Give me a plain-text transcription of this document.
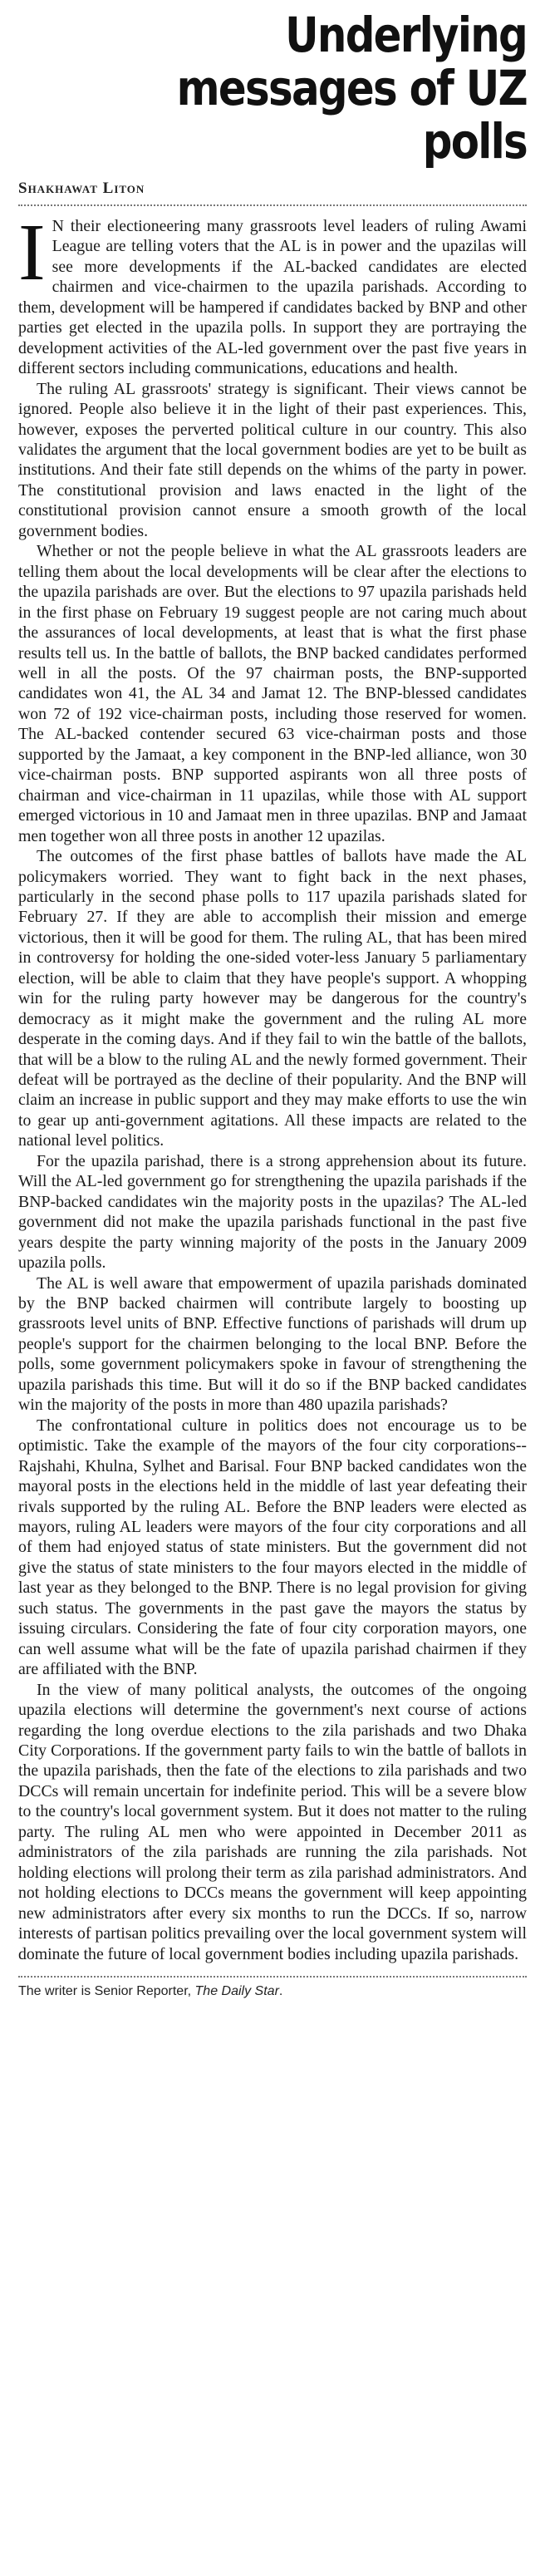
Underlying messages of UZ polls
Shakhawat Liton

I N their electioneering many grassroots level leaders of ruling Awami League are telling voters that the AL is in power and the upazilas will see more developments if the AL-backed candidates are elected chairmen and vice-chairmen to the upazila parishads. According to them, development will be hampered if candidates backed by BNP and other parties get elected in the upazila polls. In support they are portraying the development activities of the AL-led government over the past five years in different sectors including communications, educations and health.

The ruling AL grassroots' strategy is significant. Their views cannot be ignored. People also believe it in the light of their past experiences. This, however, exposes the perverted political culture in our country. This also validates the argument that the local government bodies are yet to be built as institutions. And their fate still depends on the whims of the party in power. The constitutional provision and laws enacted in the light of the constitutional provision cannot ensure a smooth growth of the local government bodies.

Whether or not the people believe in what the AL grassroots leaders are telling them about the local developments will be clear after the elections to the upazila parishads are over. But the elections to 97 upazila parishads held in the first phase on February 19 suggest people are not caring much about the assurances of local developments, at least that is what the first phase results tell us. In the battle of ballots, the BNP backed candidates performed well in all the posts. Of the 97 chairman posts, the BNP-supported candidates won 41, the AL 34 and Jamat 12. The BNP-blessed candidates won 72 of 192 vice-chairman posts, including those reserved for women. The AL-backed contender secured 63 vice-chairman posts and those supported by the Jamaat, a key component in the BNP-led alliance, won 30 vice-chairman posts. BNP supported aspirants won all three posts of chairman and vice-chairman in 11 upazilas, while those with AL support emerged victorious in 10 and Jamaat men in three upazilas. BNP and Jamaat men together won all three posts in another 12 upazilas.

The outcomes of the first phase battles of ballots have made the AL policymakers worried. They want to fight back in the next phases, particularly in the second phase polls to 117 upazila parishads slated for February 27. If they are able to accomplish their mission and emerge victorious, then it will be good for them. The ruling AL, that has been mired in controversy for holding the one-sided voter-less January 5 parliamentary election, will be able to claim that they have people's support. A whopping win for the ruling party however may be dangerous for the country's democracy as it might make the government and the ruling AL more desperate in the coming days. And if they fail to win the battle of the ballots, that will be a blow to the ruling AL and the newly formed government. Their defeat will be portrayed as the decline of their popularity. And the BNP will claim an increase in public support and they may make efforts to use the win to gear up anti-government agitations. All these impacts are related to the national level politics.

For the upazila parishad, there is a strong apprehension about its future. Will the AL-led government go for strengthening the upazila parishads if the BNP-backed candidates win the majority posts in the upazilas? The AL-led government did not make the upazila parishads functional in the past five years despite the party winning majority of the posts in the January 2009 upazila polls.

The AL is well aware that empowerment of upazila parishads dominated by the BNP backed chairmen will contribute largely to boosting up grassroots level units of BNP. Effective functions of parishads will drum up people's support for the chairmen belonging to the local BNP. Before the polls, some government policymakers spoke in favour of strengthening the upazila parishads this time. But will it do so if the BNP backed candidates win the majority of the posts in more than 480 upazila parishads?

The confrontational culture in politics does not encourage us to be optimistic. Take the example of the mayors of the four city corporations--Rajshahi, Khulna, Sylhet and Barisal. Four BNP backed candidates won the mayoral posts in the elections held in the middle of last year defeating their rivals supported by the ruling AL. Before the BNP leaders were elected as mayors, ruling AL leaders were mayors of the four city corporations and all of them had enjoyed status of state ministers. But the government did not give the status of state ministers to the four mayors elected in the middle of last year as they belonged to the BNP. There is no legal provision for giving such status. The governments in the past gave the mayors the status by issuing circulars. Considering the fate of four city corporation mayors, one can well assume what will be the fate of upazila parishad chairmen if they are affiliated with the BNP.

In the view of many political analysts, the outcomes of the ongoing upazila elections will determine the government's next course of actions regarding the long overdue elections to the zila parishads and two Dhaka City Corporations. If the government party fails to win the battle of ballots in the upazila parishads, then the fate of the elections to zila parishads and two DCCs will remain uncertain for indefinite period. This will be a severe blow to the country's local government system. But it does not matter to the ruling party. The ruling AL men who were appointed in December 2011 as administrators of the zila parishads are running the zila parishads. Not holding elections will prolong their term as zila parishad administrators. And not holding elections to DCCs means the government will keep appointing new administrators after every six months to run the DCCs. If so, narrow interests of partisan politics prevailing over the local government system will dominate the future of local government bodies including upazila parishads.

The writer is Senior Reporter, The Daily Star.
